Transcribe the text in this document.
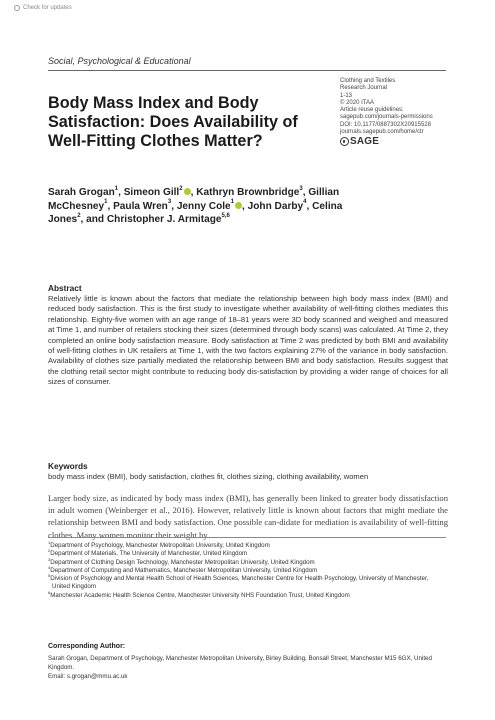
Check for updates
Social, Psychological & Educational
Body Mass Index and Body Satisfaction: Does Availability of Well-Fitting Clothes Matter?
Clothing and Textiles
Research Journal
1-13
© 2020 ITAA
Article reuse guidelines:
sagepub.com/journals-permissions
DOI: 10.1177/0887302X20915528
journals.sagepub.com/home/ctr
SAGE
Sarah Grogan$^1$, Simeon Gill$^2$ , Kathryn Brownbridge$^3$, Gillian McChesney$^1$, Paula Wren$^3$, Jenny Cole$^1$ , John Darby$^4$, Celina Jones$^2$, and Christopher J. Armitage$^{5,6}$
Abstract
Relatively little is known about the factors that mediate the relationship between high body mass index (BMI) and reduced body satisfaction. This is the first study to investigate whether availability of well-fitting clothes mediates this relationship. Eighty-five women with an age range of 18–81 years were 3D body scanned and weighed and measured at Time 1, and number of retailers stocking their sizes (determined through body scans) was calculated. At Time 2, they completed an online body satisfaction measure. Body satisfaction at Time 2 was predicted by both BMI and availability of well-fitting clothes in UK retailers at Time 1, with the two factors explaining 27% of the variance in body satisfaction. Availability of clothes size partially mediated the relationship between BMI and body satisfaction. Results suggest that the clothing retail sector might contribute to reducing body dis-satisfaction by providing a wider range of choices for all sizes of consumer.
Keywords
body mass index (BMI), body satisfaction, clothes fit, clothes sizing, clothing availability, women
Larger body size, as indicated by body mass index (BMI), has generally been linked to greater body dissatisfaction in adult women (Weinberger et al., 2016). However, relatively little is known about factors that might mediate the relationship between BMI and body satisfaction. One possible can-didate for mediation is availability of well-fitting clothes. Many women monitor their weight by
$^1$Department of Psychology, Manchester Metropolitan University, United Kingdom
$^2$Department of Materials, The University of Manchester, United Kingdom
$^3$Department of Clothing Design Technology, Manchester Metropolitan University, United Kingdom
$^4$Department of Computing and Mathematics, Manchester Metropolitan University, United Kingdom
$^5$Division of Psychology and Mental Health School of Health Sciences, Manchester Centre for Health Psychology, University of Manchester, United Kingdom
$^6$Manchester Academic Health Science Centre, Manchester University NHS Foundation Trust, United Kingdom
Corresponding Author:
Sarah Grogan, Department of Psychology, Manchester Metropolitan University, Birley Building, Bonsall Street, Manchester M15 6GX, United Kingdom.
Email: s.grogan@mmu.ac.uk
